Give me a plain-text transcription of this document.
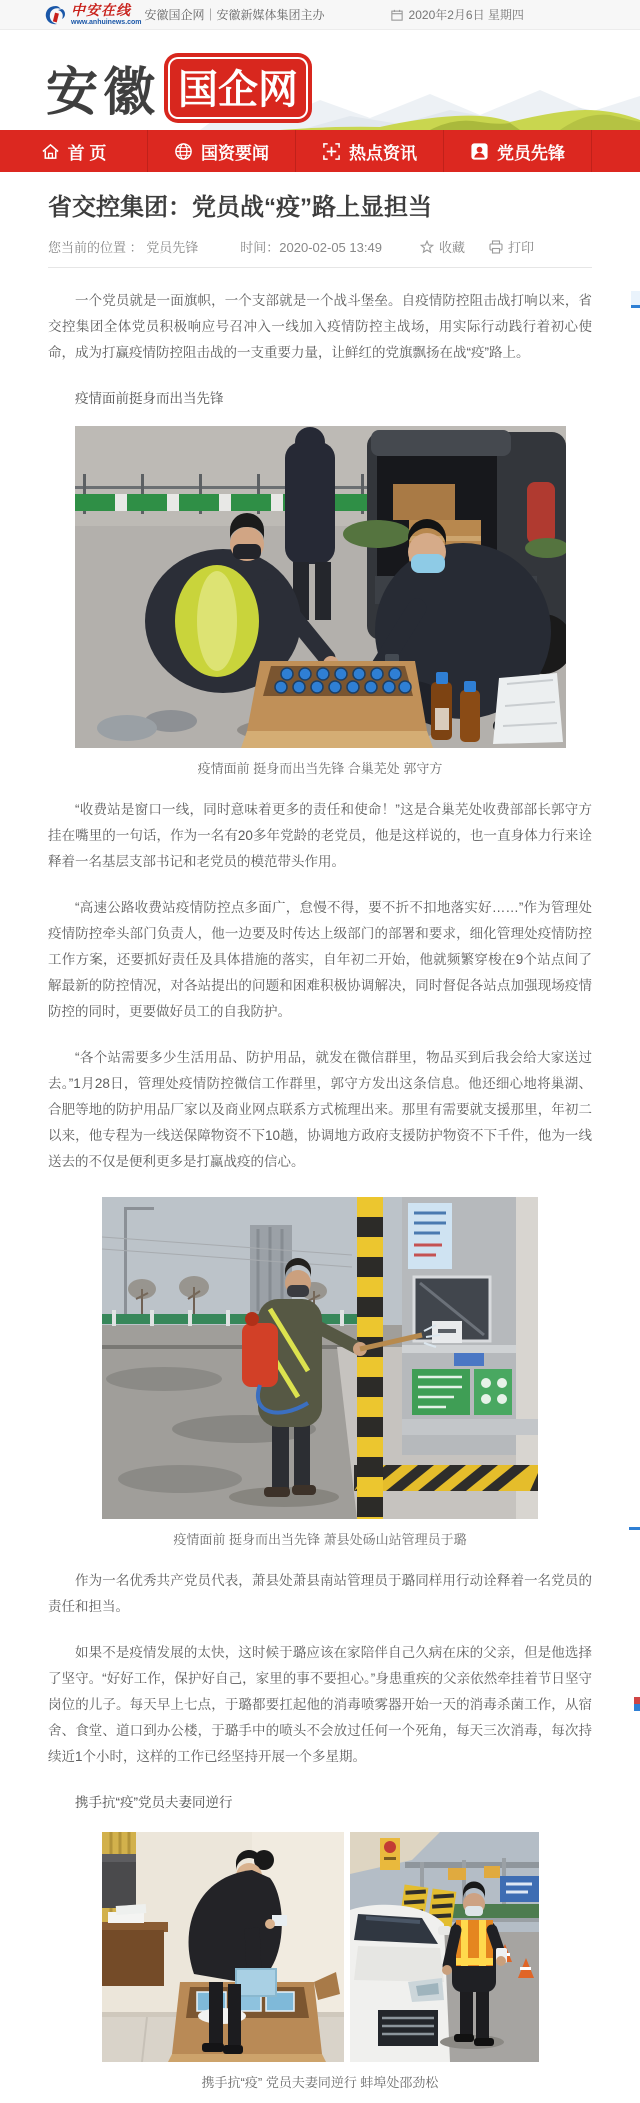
中安在线
www.anhuinews.com
安徽国企网｜安徽新媒体集团主办	2020年2月6日 星期四
安徽 国企网
首 页	国资要闻	热点资讯	党员先锋
省交控集团：党员战“疫”路上显担当
您当前的位置 ：
党员先锋	时间：2020-02-05 13:49	收藏	打印

一个党员就是一面旗帜，一个支部就是一个战斗堡垒。自疫情防控阻击战打响以来，省交控集团全体党员积极响应号召冲入一线加入疫情防控主战场，用实际行动践行着初心使命，成为打赢疫情防控阻击战的一支重要力量，让鲜红的党旗飘扬在战“疫”路上。

疫情面前挺身而出当先锋

疫情面前 挺身而出当先锋 合巢芜处 郭守方

“收费站是窗口一线，同时意味着更多的责任和使命！”这是合巢芜处收费部部长郭守方挂在嘴里的一句话，作为一名有20多年党龄的老党员，他是这样说的，也一直身体力行来诠释着一名基层支部书记和老党员的模范带头作用。

“高速公路收费站疫情防控点多面广，怠慢不得，要不折不扣地落实好……”作为管理处疫情防控牵头部门负责人，他一边要及时传达上级部门的部署和要求，细化管理处疫情防控工作方案，还要抓好责任及具体措施的落实，自年初二开始，他就频繁穿梭在9个站点间了解最新的防控情况，对各站提出的问题和困难积极协调解决，同时督促各站点加强现场疫情防控的同时，更要做好员工的自我防护。

“各个站需要多少生活用品、防护用品，就发在微信群里，物品买到后我会给大家送过去。”1月28日，管理处疫情防控微信工作群里，郭守方发出这条信息。他还细心地将巢湖、合肥等地的防护用品厂家以及商业网点联系方式梳理出来。那里有需要就支援那里，年初二以来，他专程为一线送保障物资不下10趟，协调地方政府支援防护物资不下千件，他为一线送去的不仅是便利更多是打赢战疫的信心。

疫情面前 挺身而出当先锋 萧县处砀山站管理员于璐

作为一名优秀共产党员代表，萧县处萧县南站管理员于璐同样用行动诠释着一名党员的责任和担当。

如果不是疫情发展的太快，这时候于璐应该在家陪伴自己久病在床的父亲，但是他选择了坚守。“好好工作，保护好自己，家里的事不要担心。”身患重疾的父亲依然牵挂着节日坚守岗位的儿子。每天早上七点，于璐都要扛起他的消毒喷雾器开始一天的消毒杀菌工作，从宿舍、食堂、道口到办公楼，于璐手中的喷头不会放过任何一个死角，每天三次消毒，每次持续近1个小时，这样的工作已经坚持开展一个多星期。

携手抗“疫”党员夫妻同逆行

携手抗“疫” 党员夫妻同逆行 蚌埠处邵劲松
